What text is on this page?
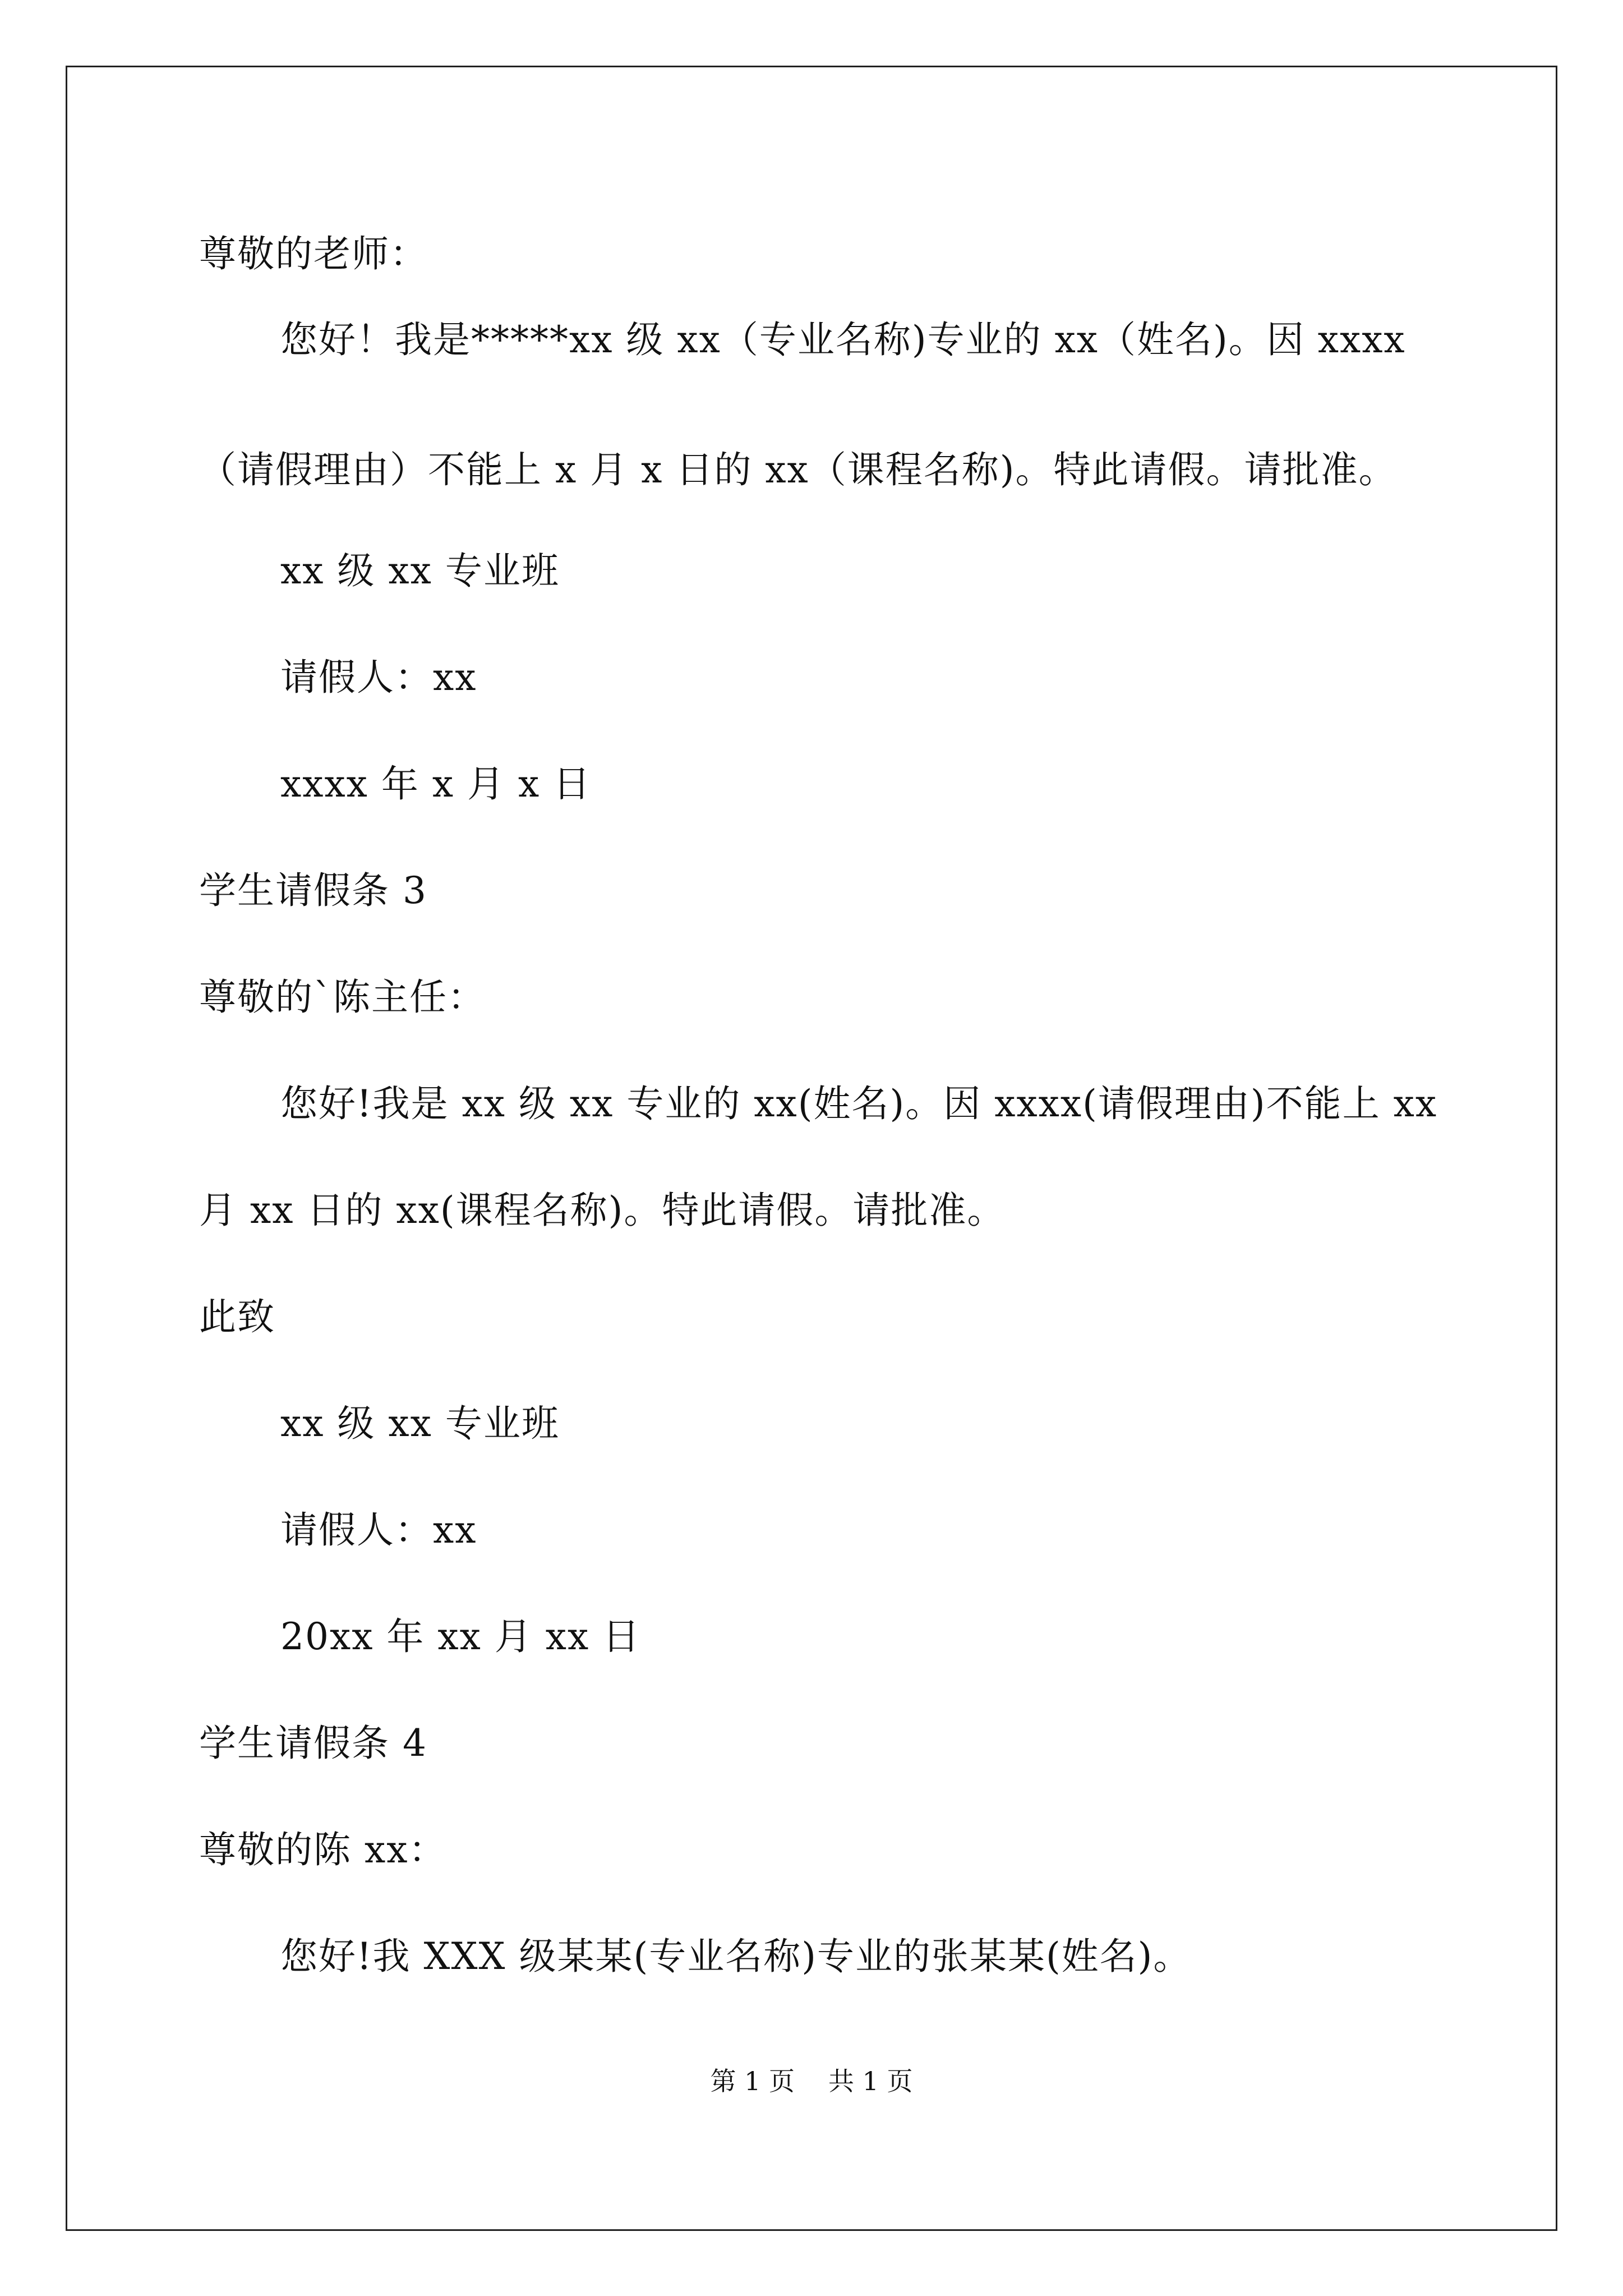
尊敬的老师：
您好！我是*****xx 级 xx（专业名称)专业的 xx（姓名)。因 xxxx
（请假理由）不能上 x 月 x 日的 xx（课程名称)。特此请假。请批准。
xx 级 xx 专业班
请假人：xx
xxxx 年 x 月 x 日
学生请假条 3
尊敬的`陈主任：
您好!我是 xx 级 xx 专业的 xx(姓名)。因 xxxx(请假理由)不能上 xx
月 xx 日的 xx(课程名称)。特此请假。请批准。
此致
xx 级 xx 专业班
请假人：xx
20xx 年 xx 月 xx 日
学生请假条 4
尊敬的陈 xx：
您好!我 XXX 级某某(专业名称)专业的张某某(姓名)。
第 1 页 共 1 页
